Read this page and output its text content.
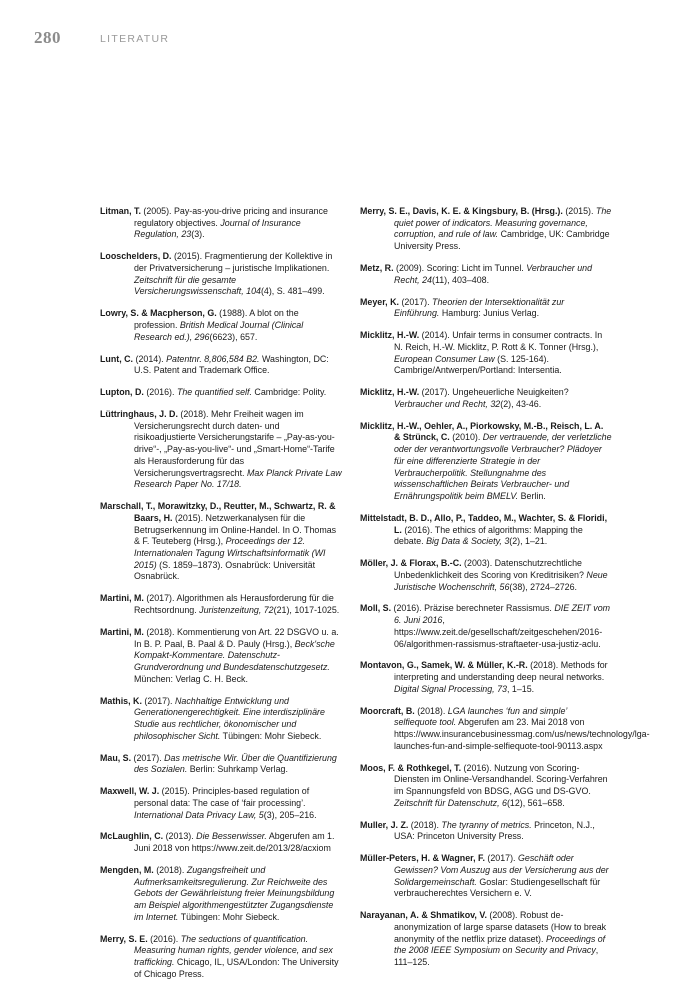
280	LITERATUR

Litman, T. (2005). Pay-as-you-drive pricing and insurance regulatory objectives. Journal of Insurance Regulation, 23(3).

Looschelders, D. (2015). Fragmentierung der Kollektive in der Privatversicherung – juristische Implikationen. Zeitschrift für die gesamte Versicherungswissenschaft, 104(4), S. 481–499.

Lowry, S. & Macpherson, G. (1988). A blot on the profession. British Medical Journal (Clinical Research ed.), 296(6623), 657.

Lunt, C. (2014). Patentnr. 8,806,584 B2. Washington, DC: U.S. Patent and Trademark Office.

Lupton, D. (2016). The quantified self. Cambridge: Polity.

Lüttringhaus, J. D. (2018). Mehr Freiheit wagen im Versicherungsrecht durch daten- und risikoadjustierte Versicherungstarife – „Pay-as-you-drive“-, „Pay-as-you-live“- und „Smart-Home“-Tarife als Herausforderung für das Versicherungsvertragsrecht. Max Planck Private Law Research Paper No. 17/18.

Marschall, T., Morawitzky, D., Reutter, M., Schwartz, R. & Baars, H. (2015). Netzwerkanalysen für die Betrugserkennung im Online-Handel. In O. Thomas & F. Teuteberg (Hrsg.), Proceedings der 12. Internationalen Tagung Wirtschaftsinformatik (WI 2015) (S. 1859–1873). Osnabrück: Universität Osnabrück.

Martini, M. (2017). Algorithmen als Herausforderung für die Rechtsordnung. Juristenzeitung, 72(21), 1017-1025.

Martini, M. (2018). Kommentierung von Art. 22 DSGVO u. a. In B. P. Paal, B. Paal & D. Pauly (Hrsg.), Beck'sche Kompakt-Kommentare. Datenschutz-Grundverordnung und Bundesdatenschutzgesetz. München: Verlag C. H. Beck.

Mathis, K. (2017). Nachhaltige Entwicklung und Generationengerechtigkeit. Eine interdisziplinäre Studie aus rechtlicher, ökonomischer und philosophischer Sicht. Tübingen: Mohr Siebeck.

Mau, S. (2017). Das metrische Wir. Über die Quantifizierung des Sozialen. Berlin: Suhrkamp Verlag.

Maxwell, W. J. (2015). Principles-based regulation of personal data: The case of ‘fair processing’. International Data Privacy Law, 5(3), 205–216.

McLaughlin, C. (2013). Die Besserwisser. Abgerufen am 1. Juni 2018 von https://www.zeit.de/2013/28/acxiom

Mengden, M. (2018). Zugangsfreiheit und Aufmerksamkeitsregulierung. Zur Reichweite des Gebots der Gewährleistung freier Meinungsbildung am Beispiel algorithmengestützter Zugangsdienste im Internet. Tübingen: Mohr Siebeck.

Merry, S. E. (2016). The seductions of quantification. Measuring human rights, gender violence, and sex trafficking. Chicago, IL, USA/London: The University of Chicago Press.

Merry, S. E., Davis, K. E. & Kingsbury, B. (Hrsg.). (2015). The quiet power of indicators. Measuring governance, corruption, and rule of law. Cambridge, UK: Cambridge University Press.

Metz, R. (2009). Scoring: Licht im Tunnel. Verbraucher und Recht, 24(11), 403–408.

Meyer, K. (2017). Theorien der Intersektionalität zur Einführung. Hamburg: Junius Verlag.

Micklitz, H.-W. (2014). Unfair terms in consumer contracts. In N. Reich, H.-W. Micklitz, P. Rott & K. Tonner (Hrsg.), European Consumer Law (S. 125-164). Cambrige/Antwerpen/Portland: Intersentia.

Micklitz, H.-W. (2017). Ungeheuerliche Neuigkeiten? Verbraucher und Recht, 32(2), 43-46.

Micklitz, H.-W., Oehler, A., Piorkowsky, M.-B., Reisch, L. A. & Strünck, C. (2010). Der vertrauende, der verletzliche oder der verantwortungsvolle Verbraucher? Plädoyer für eine differenzierte Strategie in der Verbraucherpolitik. Stellungnahme des wissenschaftlichen Beirats Verbraucher- und Ernährungspolitik beim BMELV. Berlin.

Mittelstadt, B. D., Allo, P., Taddeo, M., Wachter, S. & Floridi, L. (2016). The ethics of algorithms: Mapping the debate. Big Data & Society, 3(2), 1–21.

Möller, J. & Florax, B.-C. (2003). Datenschutzrechtliche Unbedenklichkeit des Scoring von Kreditrisiken? Neue Juristische Wochenschrift, 56(38), 2724–2726.

Moll, S. (2016). Präzise berechneter Rassismus. DIE ZEIT vom 6. Juni 2016, https://www.zeit.de/gesellschaft/zeitgeschehen/2016-06/algorithmen-rassismus-straftaeter-usa-justiz-aclu.

Montavon, G., Samek, W. & Müller, K.-R. (2018). Methods for interpreting and understanding deep neural networks. Digital Signal Processing, 73, 1–15.

Moorcraft, B. (2018). LGA launches ‘fun and simple’ selfiequote tool. Abgerufen am 23. Mai 2018 von https://www.insurancebusinessmag.com/us/news/technology/lga-launches-fun-and-simple-selfiequote-tool-90113.aspx

Moos, F. & Rothkegel, T. (2016). Nutzung von Scoring-Diensten im Online-Versandhandel. Scoring-Verfahren im Spannungsfeld von BDSG, AGG und DS-GVO. Zeitschrift für Datenschutz, 6(12), 561–658.

Muller, J. Z. (2018). The tyranny of metrics. Princeton, N.J., USA: Princeton University Press.

Müller-Peters, H. & Wagner, F. (2017). Geschäft oder Gewissen? Vom Auszug aus der Versicherung aus der Solidargemeinschaft. Goslar: Studiengesellschaft für verbraucherechtes Versichern e. V.

Narayanan, A. & Shmatikov, V. (2008). Robust de-anonymization of large sparse datasets (How to break anonymity of the netflix prize dataset). Proceedings of the 2008 IEEE Symposium on Security and Privacy, 111–125.
